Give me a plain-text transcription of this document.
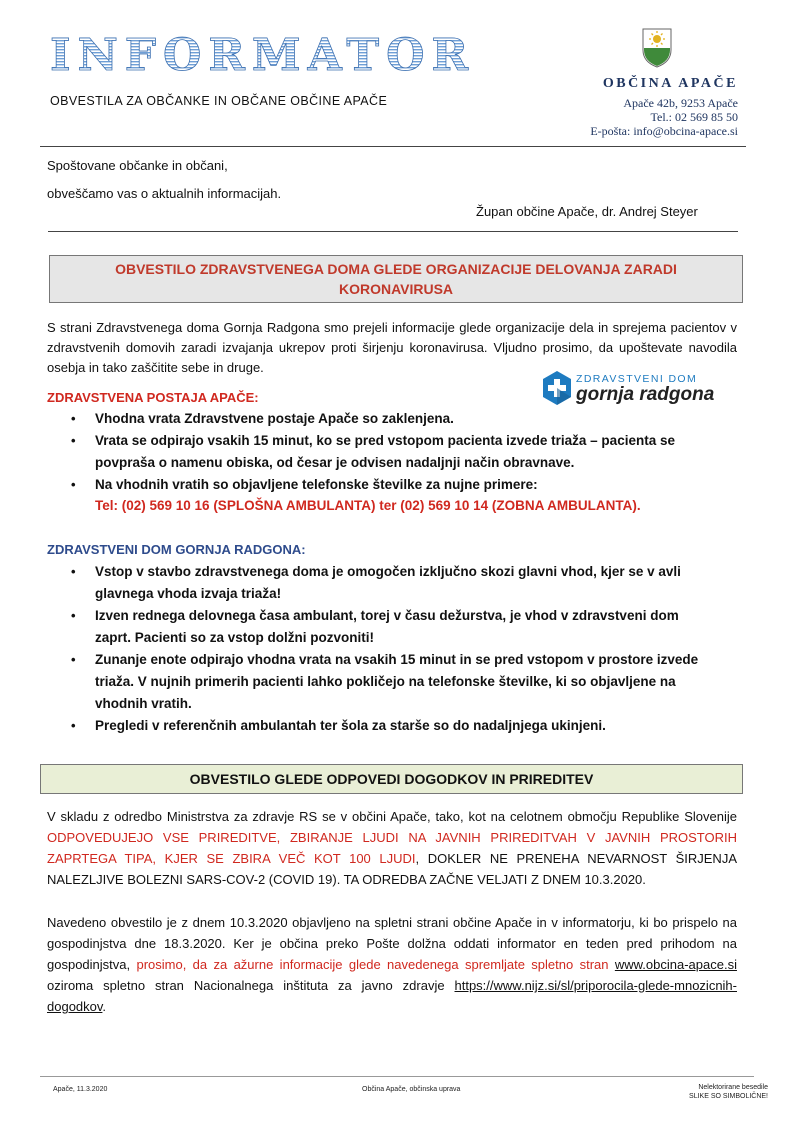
INFORMATOR
OBVESTILA ZA OBČANKE IN OBČANE OBČINE APAČE
OBČINA APAČE
Apače 42b, 9253 Apače
Tel.: 02 569 85 50
E-pošta: info@obcina-apace.si
Spoštovane občanke in občani,
obveščamo vas o aktualnih informacijah.
Župan občine Apače, dr. Andrej Steyer
OBVESTILO ZDRAVSTVENEGA DOMA GLEDE ORGANIZACIJE DELOVANJA ZARADI KORONAVIRUSA
S strani Zdravstvenega doma Gornja Radgona smo prejeli informacije glede organizacije dela in sprejema pacientov v zdravstvenih domovih zaradi izvajanja ukrepov proti širjenju koronavirusa. Vljudno prosimo, da upoštevate navodila osebja in tako zaščitite sebe in druge.
ZDRAVSTVENI DOM
gornja radgona
ZDRAVSTVENA POSTAJA APAČE:
• Vhodna vrata Zdravstvene postaje Apače so zaklenjena.
• Vrata se odpirajo vsakih 15 minut, ko se pred vstopom pacienta izvede triaža – pacienta se povpraša o namenu obiska, od česar je odvisen nadaljnji način obravnave.
• Na vhodnih vratih so objavljene telefonske številke za nujne primere:
Tel: (02) 569 10 16 (SPLOŠNA AMBULANTA) ter (02) 569 10 14 (ZOBNA AMBULANTA).
ZDRAVSTVENI DOM GORNJA RADGONA:
• Vstop v stavbo zdravstvenega doma je omogočen izključno skozi glavni vhod, kjer se v avli glavnega vhoda izvaja triaža!
• Izven rednega delovnega časa ambulant, torej v času dežurstva, je vhod v zdravstveni dom zaprt. Pacienti so za vstop dolžni pozvoniti!
• Zunanje enote odpirajo vhodna vrata na vsakih 15 minut in se pred vstopom v prostore izvede triaža. V nujnih primerih pacienti lahko pokličejo na telefonske številke, ki so objavljene na vhodnih vratih.
• Pregledi v referenčnih ambulantah ter šola za starše so do nadaljnjega ukinjeni.
OBVESTILO GLEDE ODPOVEDI DOGODKOV IN PRIREDITEV
V skladu z odredbo Ministrstva za zdravje RS se v občini Apače, tako, kot na celotnem območju Republike Slovenije ODPOVEDUJEJO VSE PRIREDITVE, ZBIRANJE LJUDI NA JAVNIH PRIREDITVAH V JAVNIH PROSTORIH ZAPRTEGA TIPA, KJER SE ZBIRA VEČ KOT 100 LJUDI, DOKLER NE PRENEHA NEVARNOST ŠIRJENJA NALEZLJIVE BOLEZNI SARS-COV-2 (COVID 19). TA ODREDBA ZAČNE VELJATI Z DNEM 10.3.2020.
Navedeno obvestilo je z dnem 10.3.2020 objavljeno na spletni strani občine Apače in v informatorju, ki bo prispelo na gospodinjstva dne 18.3.2020. Ker je občina preko Pošte dolžna oddati informator en teden pred prihodom na gospodinjstva, prosimo, da za ažurne informacije glede navedenega spremljate spletno stran www.obcina-apace.si oziroma spletno stran Nacionalnega inštituta za javno zdravje https://www.nijz.si/sl/priporocila-glede-mnozicnih-dogodkov.
Apače, 11.3.2020	Občina Apače, občinska uprava	Nelektorirane besedile
SLIKE SO SIMBOLIČNE!
